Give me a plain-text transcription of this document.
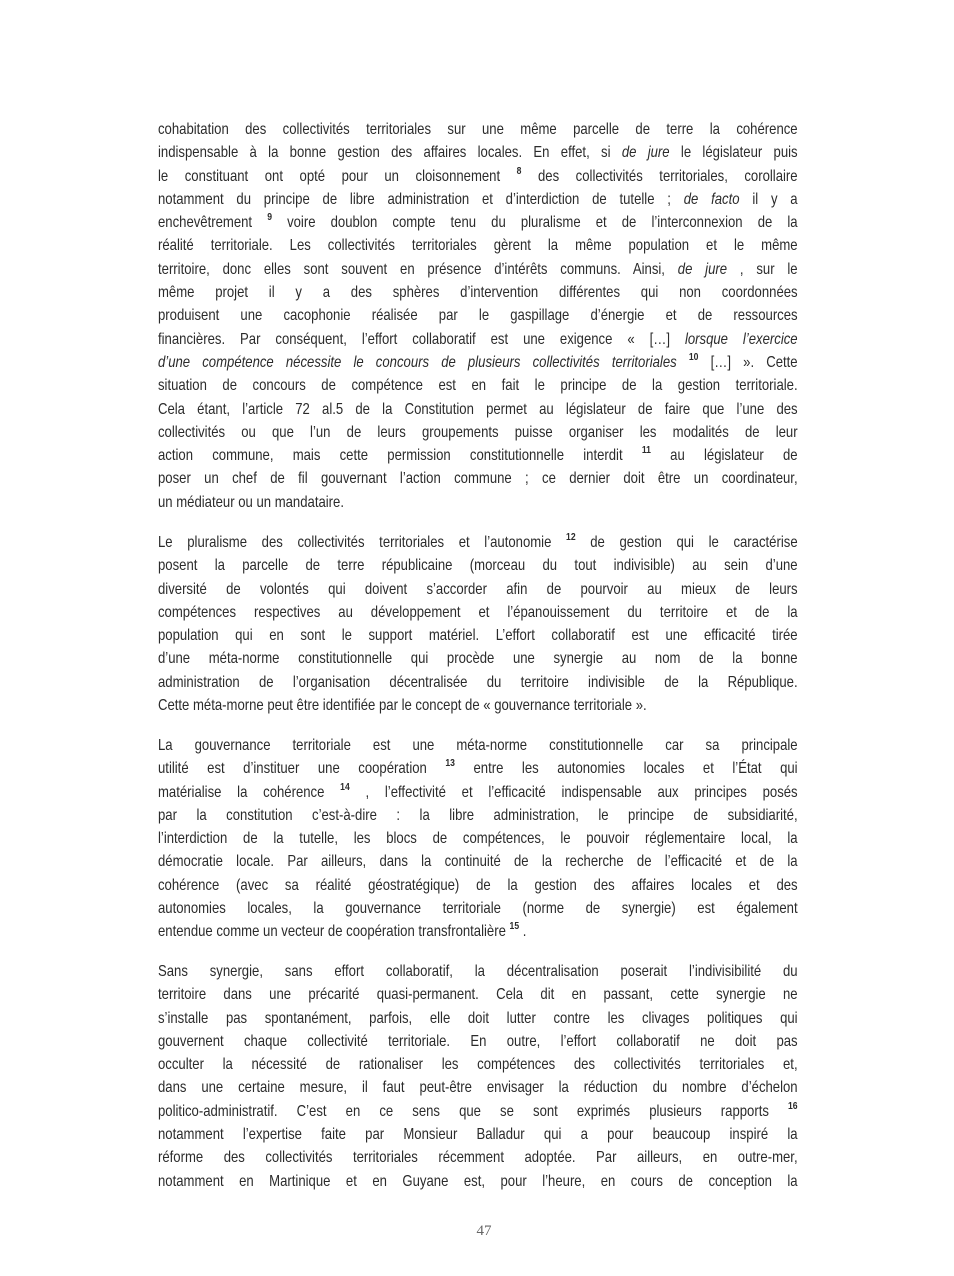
cohabitation des collectivités territoriales sur une même parcelle de terre la cohérence
indispensable à la bonne gestion des affaires locales. En effet, si de jure le législateur puis
le constituant ont opté pour un cloisonnement $^8$ des collectivités territoriales, corollaire
notamment du principe de libre administration et d’interdiction de tutelle ; de facto il y a
enchevêtrement $^9$ voire doublon compte tenu du pluralisme et de l’interconnexion de la
réalité territoriale. Les collectivités territoriales gèrent la même population et le même
territoire, donc elles sont souvent en présence d’intérêts communs. Ainsi, de jure , sur le
même projet il y a des sphères d’intervention différentes qui non coordonnées
produisent une cacophonie réalisée par le gaspillage d’énergie et de ressources
financières. Par conséquent, l’effort collaboratif est une exigence « […] lorsque l’exercice
d’une compétence nécessite le concours de plusieurs collectivités territoriales $^{10}$ […] ». Cette
situation de concours de compétence est en fait le principe de la gestion territoriale.
Cela étant, l’article 72 al.5 de la Constitution permet au législateur de faire que l’une des
collectivités ou que l’un de leurs groupements puisse organiser les modalités de leur
action commune, mais cette permission constitutionnelle interdit $^{11}$ au législateur de
poser un chef de fil gouvernant l’action commune ; ce dernier doit être un coordinateur,
un médiateur ou un mandataire.
Le pluralisme des collectivités territoriales et l’autonomie $^{12}$ de gestion qui le caractérise
posent la parcelle de terre républicaine (morceau du tout indivisible) au sein d’une
diversité de volontés qui doivent s’accorder afin de pourvoir au mieux de leurs
compétences respectives au développement et l’épanouissement du territoire et de la
population qui en sont le support matériel. L’effort collaboratif est une efficacité tirée
d’une méta-norme constitutionnelle qui procède une synergie au nom de la bonne
administration de l’organisation décentralisée du territoire indivisible de la République.
Cette méta-morne peut être identifiée par le concept de « gouvernance territoriale ».
La gouvernance territoriale est une méta-norme constitutionnelle car sa principale
utilité est d’instituer une coopération $^{13}$ entre les autonomies locales et l’État qui
matérialise la cohérence $^{14}$ , l’effectivité et l’efficacité indispensable aux principes posés
par la constitution c’est-à-dire : la libre administration, le principe de subsidiarité,
l’interdiction de la tutelle, les blocs de compétences, le pouvoir réglementaire local, la
démocratie locale. Par ailleurs, dans la continuité de la recherche de l’efficacité et de la
cohérence (avec sa réalité géostratégique) de la gestion des affaires locales et des
autonomies locales, la gouvernance territoriale (norme de synergie) est également
entendue comme un vecteur de coopération transfrontalière $^{15}$ .
Sans synergie, sans effort collaboratif, la décentralisation poserait l’indivisibilité du
territoire dans une précarité quasi-permanent. Cela dit en passant, cette synergie ne
s’installe pas spontanément, parfois, elle doit lutter contre les clivages politiques qui
gouvernent chaque collectivité territoriale. En outre, l’effort collaboratif ne doit pas
occulter la nécessité de rationaliser les compétences des collectivités territoriales et,
dans une certaine mesure, il faut peut-être envisager la réduction du nombre d’échelon
politico-administratif. C’est en ce sens que se sont exprimés plusieurs rapports $^{16}$
notamment l’expertise faite par Monsieur Balladur qui a pour beaucoup inspiré la
réforme des collectivités territoriales récemment adoptée. Par ailleurs, en outre-mer,
notamment en Martinique et en Guyane est, pour l’heure, en cours de conception la
47
